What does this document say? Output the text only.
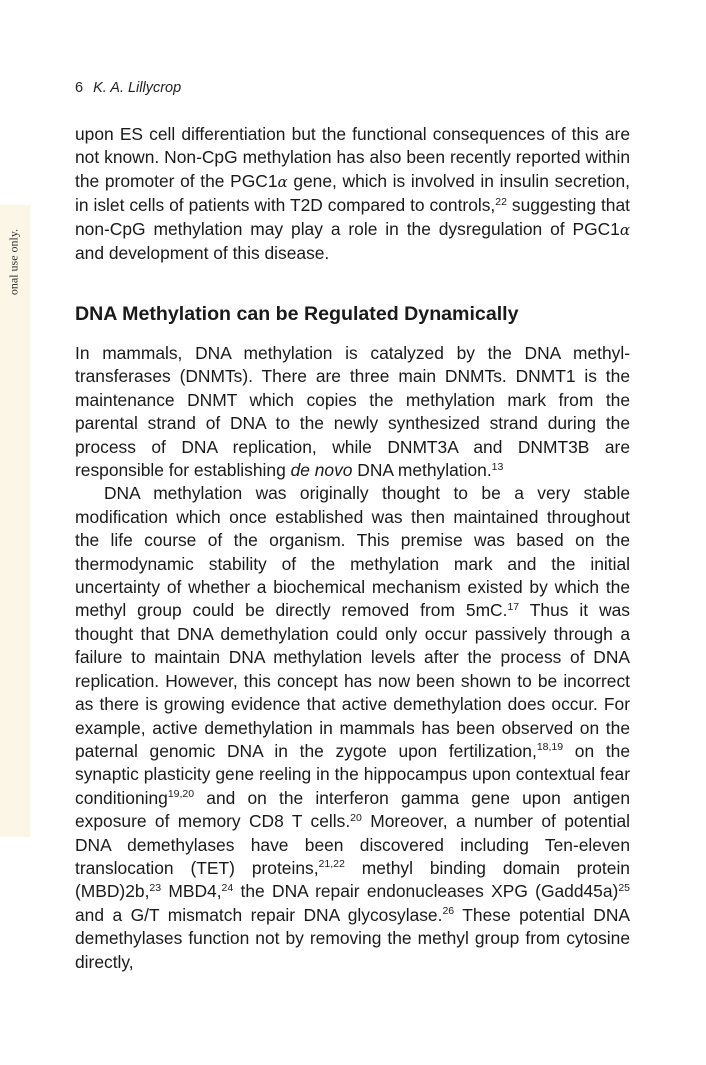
onal use only.
6 K. A. Lillycrop

upon ES cell differentiation but the functional consequences of this are not known. Non-CpG methylation has also been recently reported within the promoter of the PGC1α gene, which is involved in insulin secretion, in islet cells of patients with T2D compared to controls,$^{22}$ suggesting that non-CpG methylation may play a role in the dysregulation of PGC1α and development of this disease.

DNA Methylation can be Regulated Dynamically

In mammals, DNA methylation is catalyzed by the DNA methyltransferases (DNMTs). There are three main DNMTs. DNMT1 is the maintenance DNMT which copies the methylation mark from the parental strand of DNA to the newly synthesized strand during the process of DNA replication, while DNMT3A and DNMT3B are responsible for establishing de novo DNA methylation.$^{13}$

DNA methylation was originally thought to be a very stable modification which once established was then maintained throughout the life course of the organism. This premise was based on the thermodynamic stability of the methylation mark and the initial uncertainty of whether a biochemical mechanism existed by which the methyl group could be directly removed from 5mC.$^{17}$ Thus it was thought that DNA demethylation could only occur passively through a failure to maintain DNA methylation levels after the process of DNA replication. However, this concept has now been shown to be incorrect as there is growing evidence that active demethylation does occur. For example, active demethylation in mammals has been observed on the paternal genomic DNA in the zygote upon fertilization,$^{18,19}$ on the synaptic plasticity gene reeling in the hippocampus upon contextual fear conditioning$^{19,20}$ and on the interferon gamma gene upon antigen exposure of memory CD8 T cells.$^{20}$ Moreover, a number of potential DNA demethylases have been discovered including Ten-eleven translocation (TET) proteins,$^{21,22}$ methyl binding domain protein (MBD)2b,$^{23}$ MBD4,24 the DNA repair endonucleases XPG (Gadd45a)$^{25}$ and a G/T mismatch repair DNA glycosylase.$^{26}$ These potential DNA demethylases function not by removing the methyl group from cytosine directly,
